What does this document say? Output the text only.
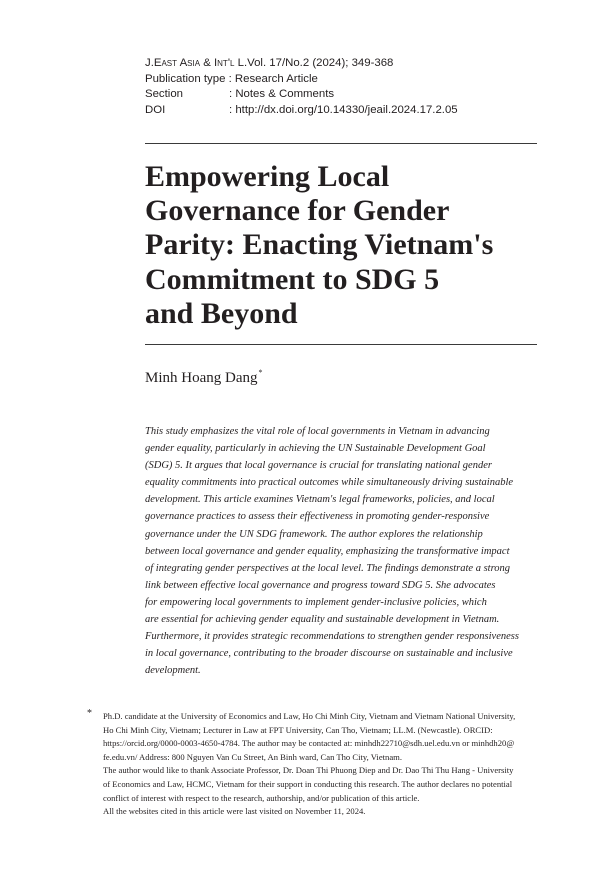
J. East Asia & Int'l L. Vol. 17/No.2 (2024); 349-368
Publication type
: Research Article
Section	: Notes & Comments
DOI	: http://dx.doi.org/10.14330/jeail.2024.17.2.05
Empowering Local
Governance for Gender
Parity: Enacting Vietnam's
Commitment to SDG 5
and Beyond
Minh Hoang Dang*
This study emphasizes the vital role of local governments in Vietnam in advancing
gender equality, particularly in achieving the UN Sustainable Development Goal
(SDG) 5. It argues that local governance is crucial for translating national gender
equality commitments into practical outcomes while simultaneously driving sustainable
development. This article examines Vietnam's legal frameworks, policies, and local
governance practices to assess their effectiveness in promoting gender-responsive
governance under the UN SDG framework. The author explores the relationship
between local governance and gender equality, emphasizing the transformative impact
of integrating gender perspectives at the local level. The findings demonstrate a strong
link between effective local governance and progress toward SDG 5. She advocates
for empowering local governments to implement gender-inclusive policies, which
are essential for achieving gender equality and sustainable development in Vietnam.
Furthermore, it provides strategic recommendations to strengthen gender responsiveness
in local governance, contributing to the broader discourse on sustainable and inclusive
development.
* Ph.D. candidate at the University of Economics and Law, Ho Chi Minh City, Vietnam and Vietnam National University,
Ho Chi Minh City, Vietnam; Lecturer in Law at FPT University, Can Tho, Vietnam; LL.M. (Newcastle). ORCID:
https://orcid.org/0000-0003-4650-4784. The author may be contacted at: minhdh22710@sdh.uel.edu.vn or minhdh20@
fe.edu.vn/ Address: 800 Nguyen Van Cu Street, An Binh ward, Can Tho City, Vietnam.
The author would like to thank Associate Professor, Dr. Doan Thi Phuong Diep and Dr. Dao Thi Thu Hang - University
of Economics and Law, HCMC, Vietnam for their support in conducting this research. The author declares no potential
conflict of interest with respect to the research, authorship, and/or publication of this article.
All the websites cited in this article were last visited on November 11, 2024.
